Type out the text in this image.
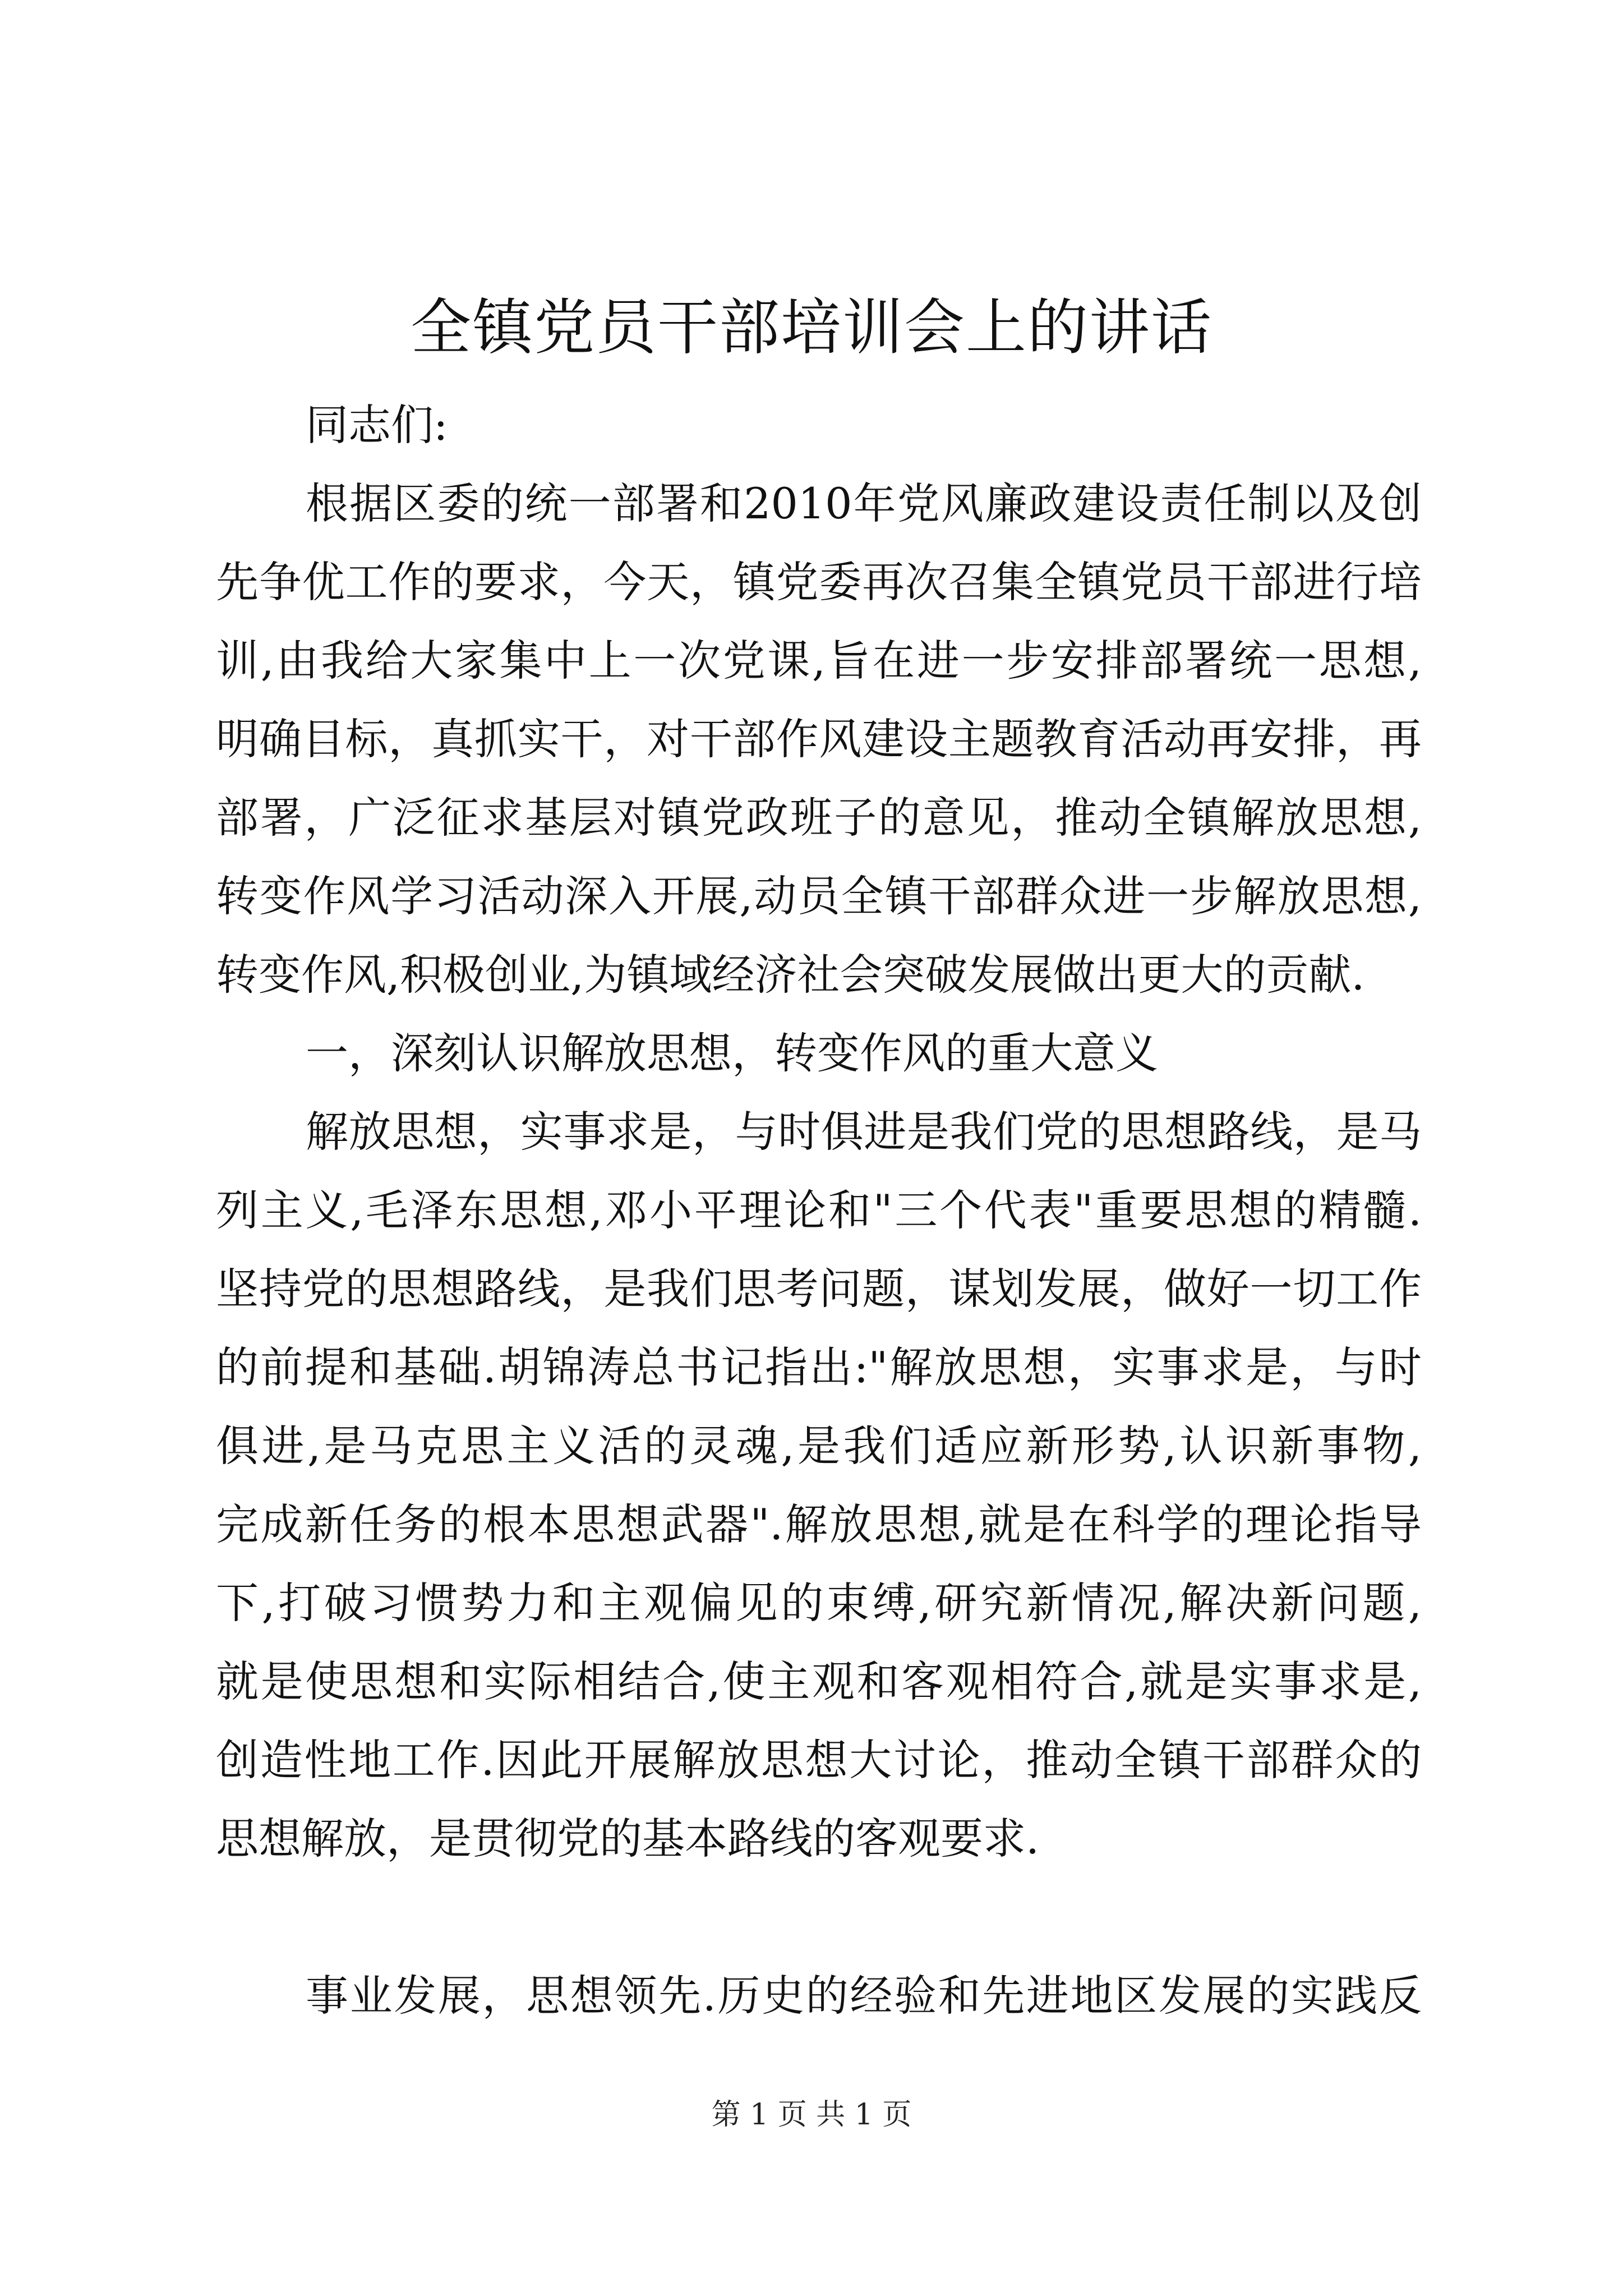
全镇党员干部培训会上的讲话
同志们:
根据区委的统一部署和2010年党风廉政建设责任制以及创
先争优工作的要求，今天，镇党委再次召集全镇党员干部进行培
训,由我给大家集中上一次党课,旨在进一步安排部署统一思想,
明确目标，真抓实干，对干部作风建设主题教育活动再安排，再
部署，广泛征求基层对镇党政班子的意见，推动全镇解放思想,
转变作风学习活动深入开展,动员全镇干部群众进一步解放思想,
转变作风,积极创业,为镇域经济社会突破发展做出更大的贡献.
一，深刻认识解放思想，转变作风的重大意义
解放思想，实事求是，与时俱进是我们党的思想路线，是马
列主义,毛泽东思想,邓小平理论和"三个代表"重要思想的精髓.
坚持党的思想路线，是我们思考问题，谋划发展，做好一切工作
的前提和基础.胡锦涛总书记指出:"解放思想，实事求是，与时
俱进,是马克思主义活的灵魂,是我们适应新形势,认识新事物,
完成新任务的根本思想武器".解放思想,就是在科学的理论指导
下,打破习惯势力和主观偏见的束缚,研究新情况,解决新问题,
就是使思想和实际相结合,使主观和客观相符合,就是实事求是,
创造性地工作.因此开展解放思想大讨论，推动全镇干部群众的
思想解放，是贯彻党的基本路线的客观要求.
事业发展，思想领先.历史的经验和先进地区发展的实践反
第 1 页 共 1 页
